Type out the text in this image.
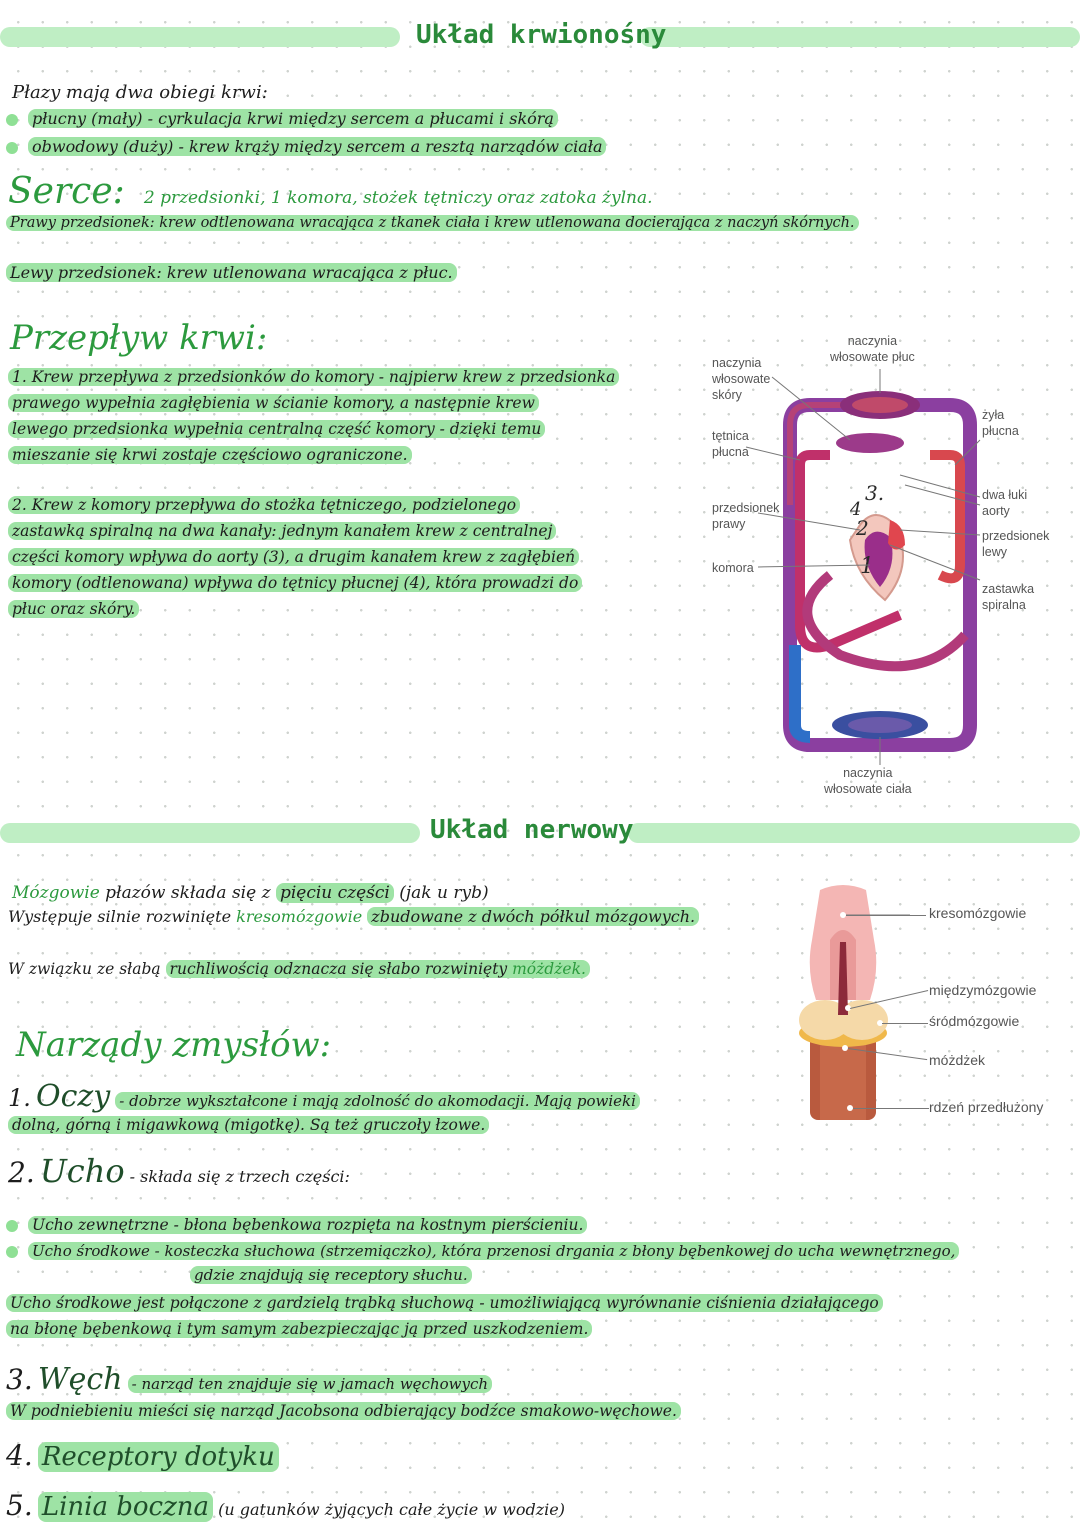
Układ krwionośny
Płazy mają dwa obiegi krwi:
płucny (mały) - cyrkulacja krwi między sercem a płucami i skórą
obwodowy (duży) - krew krąży między sercem a resztą narządów ciała
Serce: 2 przedsionki, 1 komora, stożek tętniczy oraz zatoka żylna.
Prawy przedsionek: krew odtlenowana wracająca z tkanek ciała i krew utlenowana docierająca z naczyń skórnych.
Lewy przedsionek: krew utlenowana wracająca z płuc.
Przepływ krwi:
1. Krew przepływa z przedsionków do komory - najpierw krew z przedsionka
prawego wypełnia zagłębienia w ścianie komory, a następnie krew
lewego przedsionka wypełnia centralną część komory - dzięki temu
mieszanie się krwi zostaje częściowo ograniczone.
2. Krew z komory przepływa do stożka tętniczego, podzielonego
zastawką spiralną na dwa kanały: jednym kanałem krew z centralnej
części komory wpływa do aorty (3), a drugim kanałem krew z zagłębień
komory (odtlenowana) wpływa do tętnicy płucnej (4), która prowadzi do
płuc oraz skóry.
3.
4
2
1
naczynia
włosowate płuc
naczynia
włosowate
skóry
tętnica
płucna
żyła
płucna
dwa łuki
aorty
przedsionek
prawy
przedsionek
lewy
komora
zastawka
spiralna
naczynia
włosowate ciała
Układ nerwowy
Mózgowie płazów składa się z pięciu części (jak u ryb)
Występuje silnie rozwinięte kresomózgowie zbudowane z dwóch półkul mózgowych.
W związku ze słabą ruchliwością odznacza się słabo rozwinięty móżdżek.
kresomózgowie
międzymózgowie
śródmózgowie
móżdżek
rdzeń przedłużony
Narządy zmysłów:
1. Oczy - dobrze wykształcone i mają zdolność do akomodacji. Mają powieki
dolną, górną i migawkową (migotkę). Są też gruczoły łzowe.
2. Ucho - składa się z trzech części:
Ucho zewnętrzne - błona bębenkowa rozpięta na kostnym pierścieniu.
Ucho środkowe - kosteczka słuchowa (strzemiączko), która przenosi drgania z błony bębenkowej do ucha wewnętrznego,
gdzie znajdują się receptory słuchu.
Ucho środkowe jest połączone z gardzielą trąbką słuchową - umożliwiającą wyrównanie ciśnienia działającego
na błonę bębenkową i tym samym zabezpieczając ją przed uszkodzeniem.
3. Węch - narząd ten znajduje się w jamach węchowych
W podniebieniu mieści się narząd Jacobsona odbierający bodźce smakowo-węchowe.
4. Receptory dotyku
5. Linia boczna (u gatunków żyjących całe życie w wodzie)
